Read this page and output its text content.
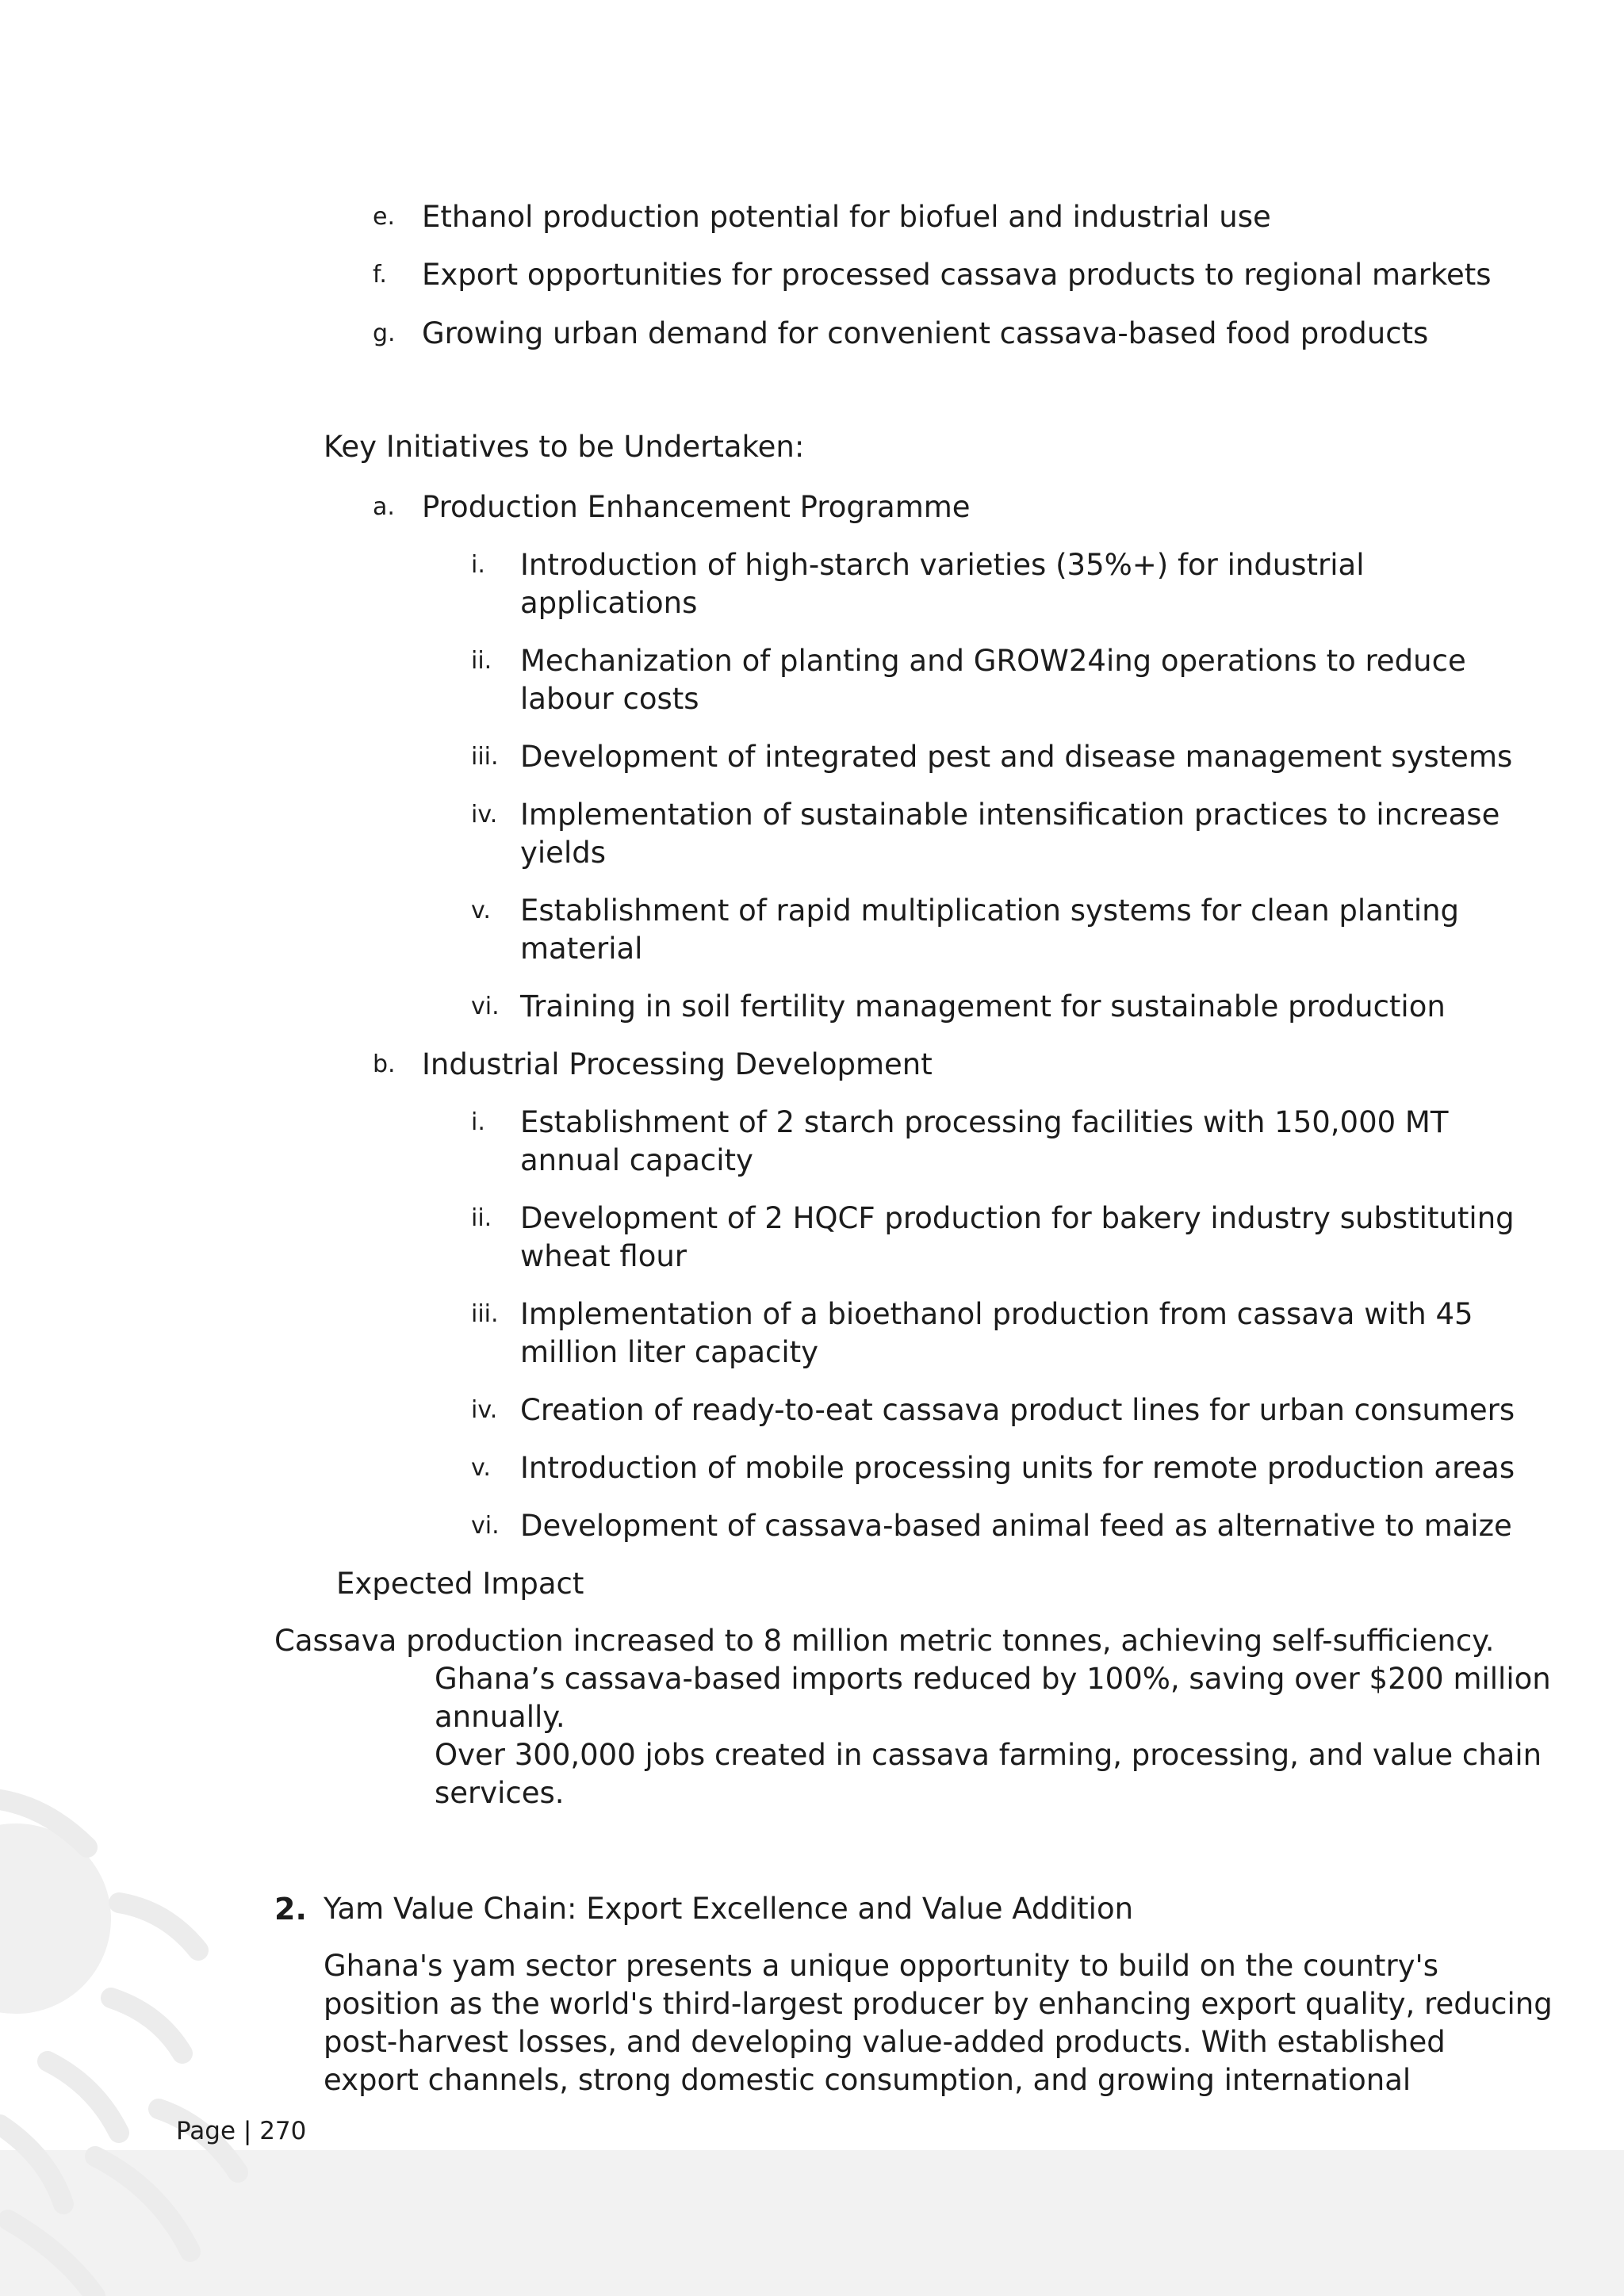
e. Ethanol production potential for biofuel and industrial use
f. Export opportunities for processed cassava products to regional markets
g. Growing urban demand for convenient cassava-based food products
Key Initiatives to be Undertaken:
a. Production Enhancement Programme
i. Introduction of high-starch varieties (35%+) for industrial
applications
ii. Mechanization of planting and GROW24ing operations to reduce
labour costs
iii. Development of integrated pest and disease management systems
iv. Implementation of sustainable intensification practices to increase
yields
v. Establishment of rapid multiplication systems for clean planting
material
vi. Training in soil fertility management for sustainable production
b. Industrial Processing Development
i. Establishment of 2 starch processing facilities with 150,000 MT
annual capacity
ii. Development of 2 HQCF production for bakery industry substituting
wheat flour
iii. Implementation of a bioethanol production from cassava with 45
million liter capacity
iv. Creation of ready-to-eat cassava product lines for urban consumers
v. Introduction of mobile processing units for remote production areas
vi. Development of cassava-based animal feed as alternative to maize
Expected Impact
Cassava production increased to 8 million metric tonnes, achieving self-sufficiency.
Ghana’s cassava-based imports reduced by 100%, saving over $200 million
annually.
Over 300,000 jobs created in cassava farming, processing, and value chain
services.
2. Yam Value Chain: Export Excellence and Value Addition
Ghana's yam sector presents a unique opportunity to build on the country's
position as the world's third-largest producer by enhancing export quality, reducing
post-harvest losses, and developing value-added products. With established
export channels, strong domestic consumption, and growing international
Page | 270
